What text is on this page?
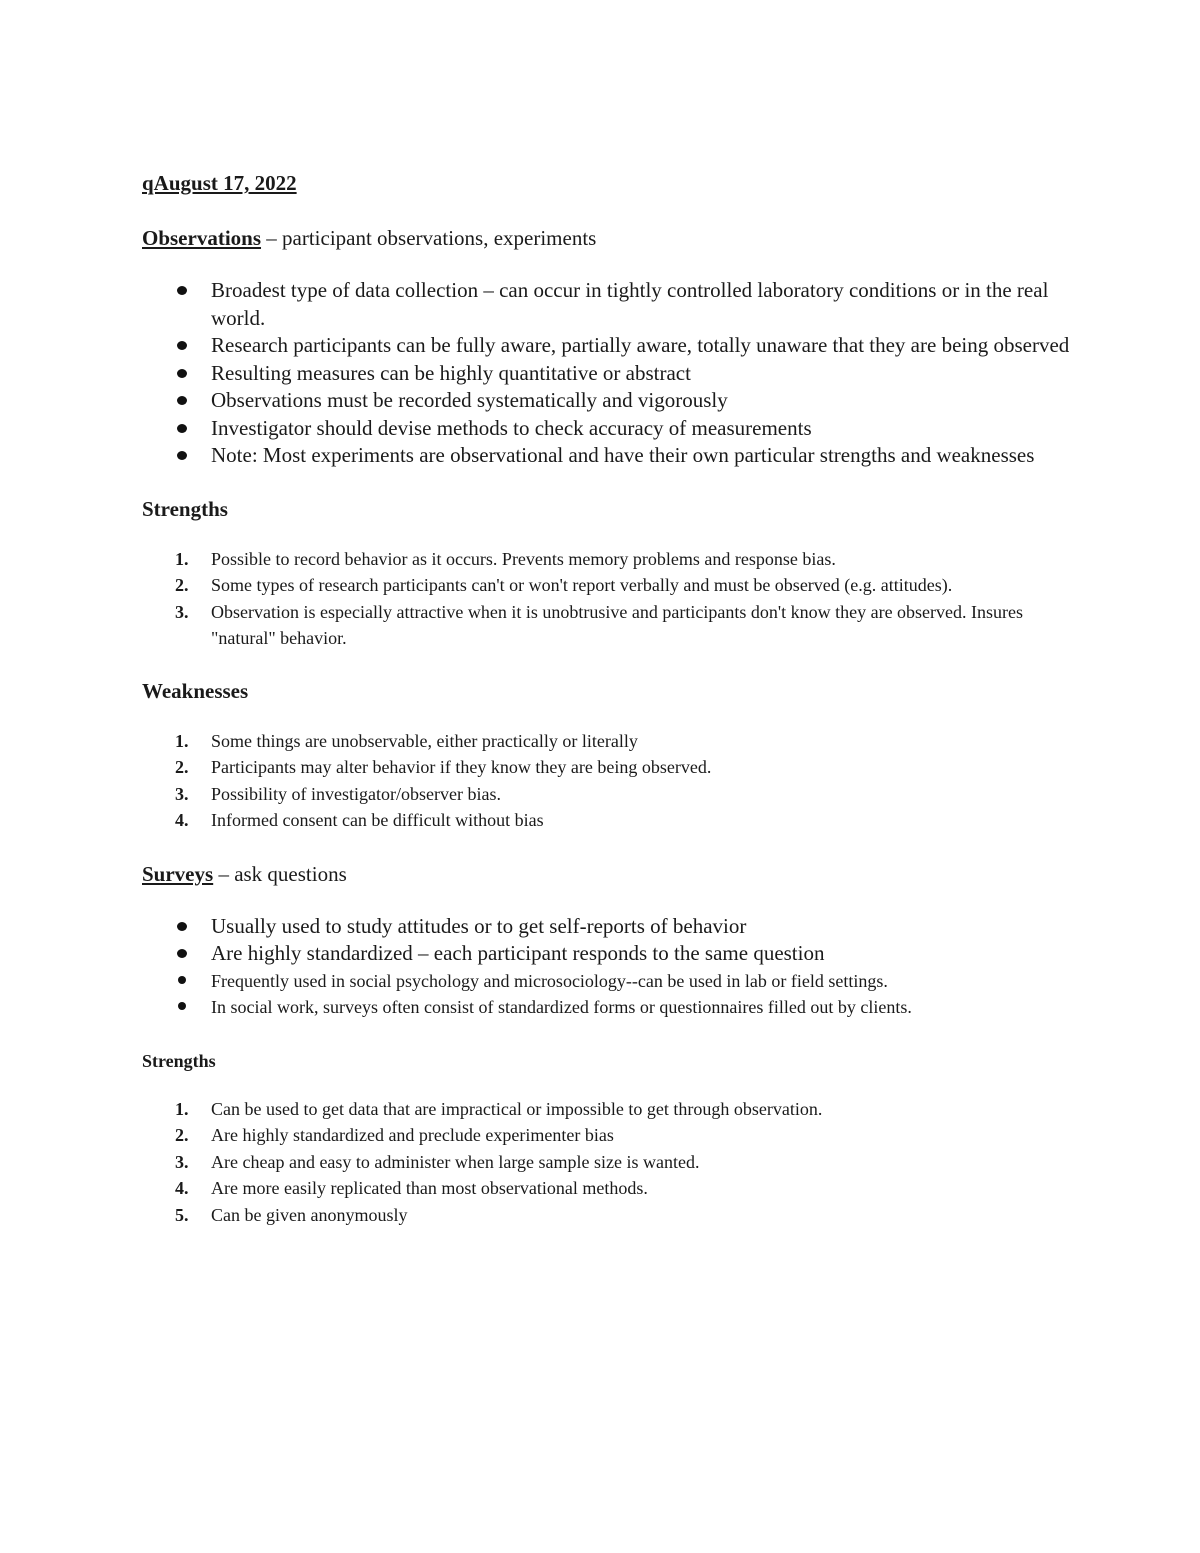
qAugust 17, 2022

Observations – participant observations, experiments

Broadest type of data collection – can occur in tightly controlled laboratory conditions or in the real world.
Research participants can be fully aware, partially aware, totally unaware that they are being observed
Resulting measures can be highly quantitative or abstract
Observations must be recorded systematically and vigorously
Investigator should devise methods to check accuracy of measurements
Note: Most experiments are observational and have their own particular strengths and weaknesses

Strengths

1. Possible to record behavior as it occurs. Prevents memory problems and response bias.
2. Some types of research participants can't or won't report verbally and must be observed (e.g. attitudes).
3. Observation is especially attractive when it is unobtrusive and participants don't know they are observed. Insures "natural" behavior.

Weaknesses

1. Some things are unobservable, either practically or literally
2. Participants may alter behavior if they know they are being observed.
3. Possibility of investigator/observer bias.
4. Informed consent can be difficult without bias

Surveys – ask questions

Usually used to study attitudes or to get self-reports of behavior
Are highly standardized – each participant responds to the same question
Frequently used in social psychology and microsociology--can be used in lab or field settings.
In social work, surveys often consist of standardized forms or questionnaires filled out by clients.

Strengths

1. Can be used to get data that are impractical or impossible to get through observation.
2. Are highly standardized and preclude experimenter bias
3. Are cheap and easy to administer when large sample size is wanted.
4. Are more easily replicated than most observational methods.
5. Can be given anonymously
